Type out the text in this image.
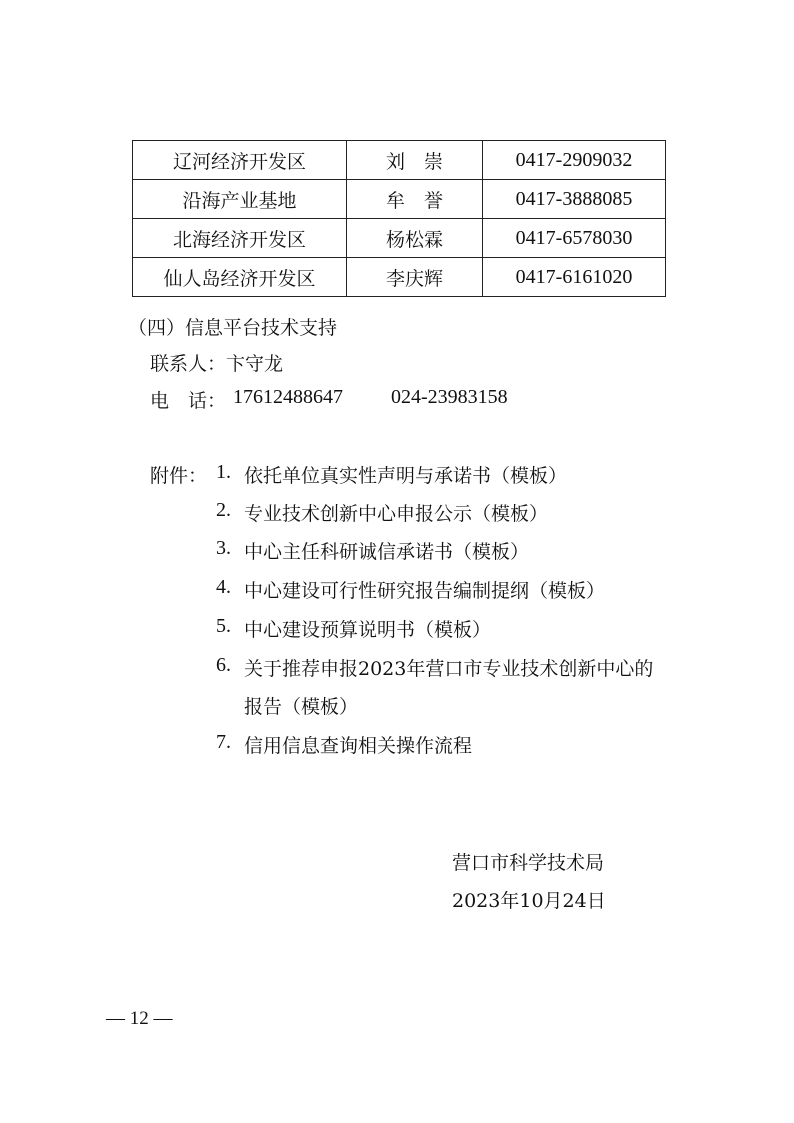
辽河经济开发区	刘　崇	0417-2909032
沿海产业基地	牟　誉	0417-3888085
北海经济开发区	杨松霖	0417-6578030
仙人岛经济开发区	李庆辉	0417-6161020
（四）信息平台技术支持
联系人：卞守龙
电　话： 17612488647 024-23983158
附件： 1. 依托单位真实性声明与承诺书（模板）
2. 专业技术创新中心申报公示（模板）
3. 中心主任科研诚信承诺书（模板）
4. 中心建设可行性研究报告编制提纲（模板）
5. 中心建设预算说明书（模板）
6. 关于推荐申报2023年营口市专业技术创新中心的
报告（模板）
7. 信用信息查询相关操作流程
营口市科学技术局
2023年10月24日
— 12 —
